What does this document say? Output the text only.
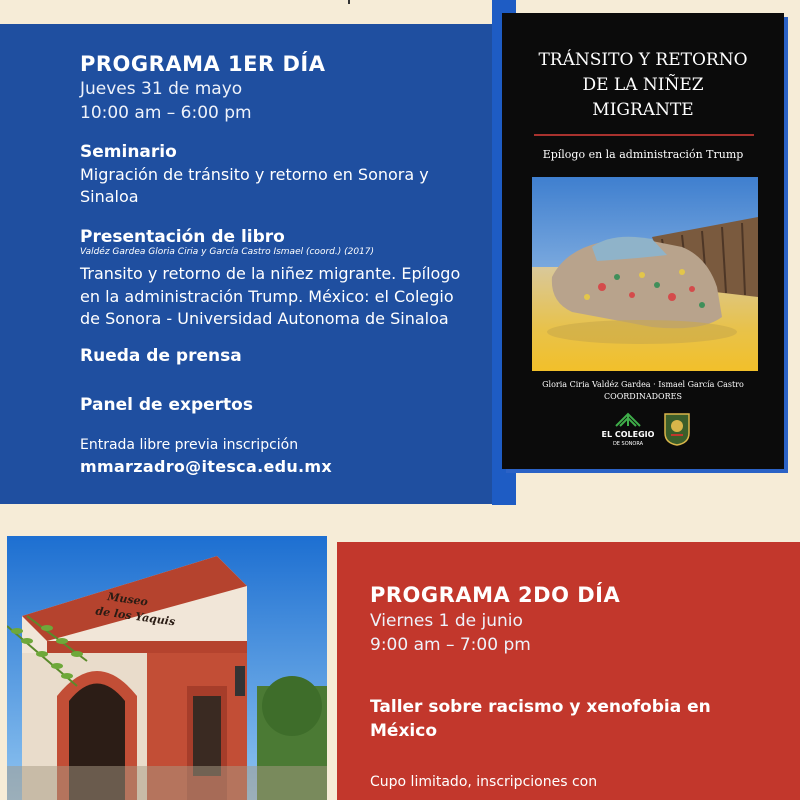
PROGRAMA 1ER DÍA

Jueves 31 de mayo

10:00 am – 6:00 pm

Seminario

Migración de tránsito y retorno en Sonora y

Sinaloa

Presentación de libro

Valdéz Gardea Gloria Ciria y García Castro Ismael (coord.) (2017)

Transito y retorno de la niñez migrante. Epílogo

en la administración Trump. México: el Colegio

de Sonora - Universidad Autonoma de Sinaloa

Rueda de prensa

Panel de expertos

Entrada libre previa inscripción

mmarzadro@itesca.edu.mx

TRÁNSITO Y RETORNO
DE LA NIÑEZ
MIGRANTE
Epílogo en la administración Trump
Gloria Ciria Valdéz Gardea · Ismael García Castro
COORDINADORES
EL COLEGIO
DE SONORA
Museo
de los Yaquis

PROGRAMA 2DO DÍA

Viernes 1 de junio

9:00 am – 7:00 pm

Taller sobre racismo y xenofobia en

México

Cupo limitado, inscripciones con
